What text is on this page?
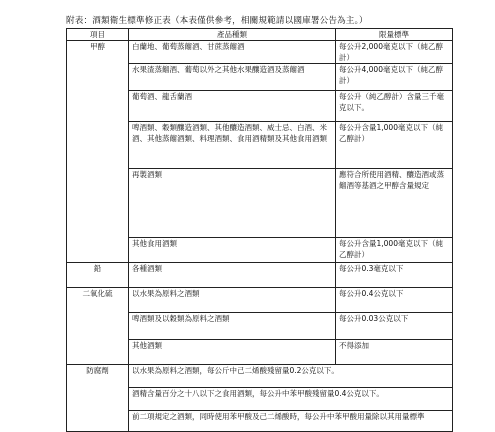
附表：酒類衛生標準修正表（本表僅供參考，相關規範請以國庫署公告為主。）
項目	產品種類	限量標準
甲醇	白蘭地、葡萄蒸餾酒、甘蔗蒸餾酒	每公升2,000毫克以下（純乙醇計）
	水果渣蒸餾酒、葡萄以外之其他水果釀造酒及蒸餾酒	每公升4,000毫克以下（純乙醇計）
	葡萄酒、龍舌蘭酒	每公升（純乙醇計）含量三千毫克以下。
	啤酒類、穀類釀造酒類、其他釀造酒類、威士忌、白酒、米酒、其他蒸餾酒類、料理酒類、食用酒精類及其他食用酒類	每公升含量1,000毫克以下（純乙醇計）
	再製酒類	應符合所使用酒精、釀造酒或蒸餾酒等基酒之甲醇含量規定
	其他食用酒類	每公升含量1,000毫克以下（純乙醇計）
鉛	各種酒類	每公升0.3毫克以下
二氧化硫	以水果為原料之酒類	每公升0.4公克以下
	啤酒類及以穀類為原料之酒類	每公升0.03公克以下
	其他酒類	不得添加
防腐劑	以水果為原料之酒類，每公斤中己二烯酸殘留量0.2公克以下。	
	酒精含量百分之十八以下之食用酒類，每公升中苯甲酸殘留量0.4公克以下。	

	前二項規定之酒類，同時使用苯甲酸及己二烯酸時，每公升中苯甲酸用量除以其用量標準	
